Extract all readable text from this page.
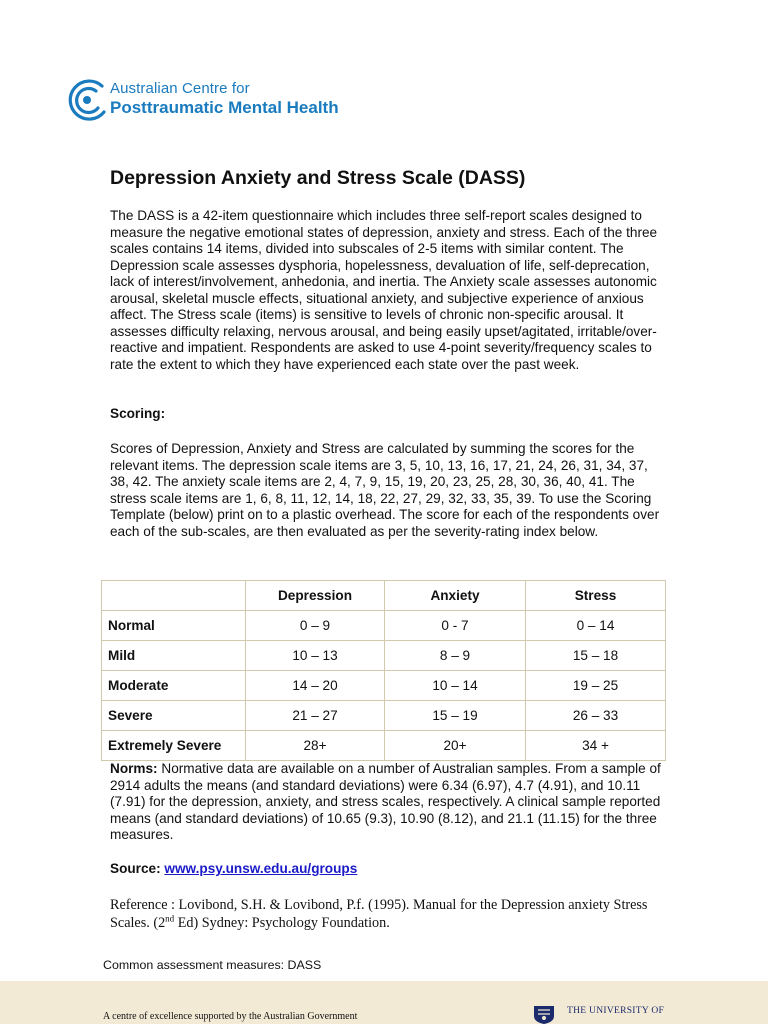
Australian Centre for
Posttraumatic Mental Health
Depression Anxiety and Stress Scale (DASS)

The DASS is a 42-item questionnaire which includes three self-report scales designed to measure the negative emotional states of depression, anxiety and stress. Each of the three scales contains 14 items, divided into subscales of 2-5 items with similar content. The Depression scale assesses dysphoria, hopelessness, devaluation of life, self-deprecation, lack of interest/involvement, anhedonia, and inertia. The Anxiety scale assesses autonomic arousal, skeletal muscle effects, situational anxiety, and subjective experience of anxious affect. The Stress scale (items) is sensitive to levels of chronic non-specific arousal. It assesses difficulty relaxing, nervous arousal, and being easily upset/agitated, irritable/over-reactive and impatient. Respondents are asked to use 4-point severity/frequency scales to rate the extent to which they have experienced each state over the past week.

Scoring:

Scores of Depression, Anxiety and Stress are calculated by summing the scores for the relevant items. The depression scale items are 3, 5, 10, 13, 16, 17, 21, 24, 26, 31, 34, 37, 38, 42. The anxiety scale items are 2, 4, 7, 9, 15, 19, 20, 23, 25, 28, 30, 36, 40, 41. The stress scale items are 1, 6, 8, 11, 12, 14, 18, 22, 27, 29, 32, 33, 35, 39. To use the Scoring Template (below) print on to a plastic overhead. The score for each of the respondents over each of the sub-scales, are then evaluated as per the severity-rating index below.

	Depression	Anxiety	Stress
Normal	0 – 9	0 - 7	0 – 14
Mild	10 – 13	8 – 9	15 – 18
Moderate	14 – 20	10 – 14	19 – 25
Severe	21 – 27	15 – 19	26 – 33
Extremely Severe	28+	20+	34 +

Norms: Normative data are available on a number of Australian samples. From a sample of 2914 adults the means (and standard deviations) were 6.34 (6.97), 4.7 (4.91), and 10.11 (7.91) for the depression, anxiety, and stress scales, respectively. A clinical sample reported means (and standard deviations) of 10.65 (9.3), 10.90 (8.12), and 21.1 (11.15) for the three measures.

Source: www.psy.unsw.edu.au/groups

Reference : Lovibond, S.H. & Lovibond, P.f. (1995). Manual for the Depression anxiety Stress Scales. (2nd Ed) Sydney: Psychology Foundation.

Common assessment measures: DASS
A centre of excellence supported by the Australian Government	THE UNIVERSITY OF
